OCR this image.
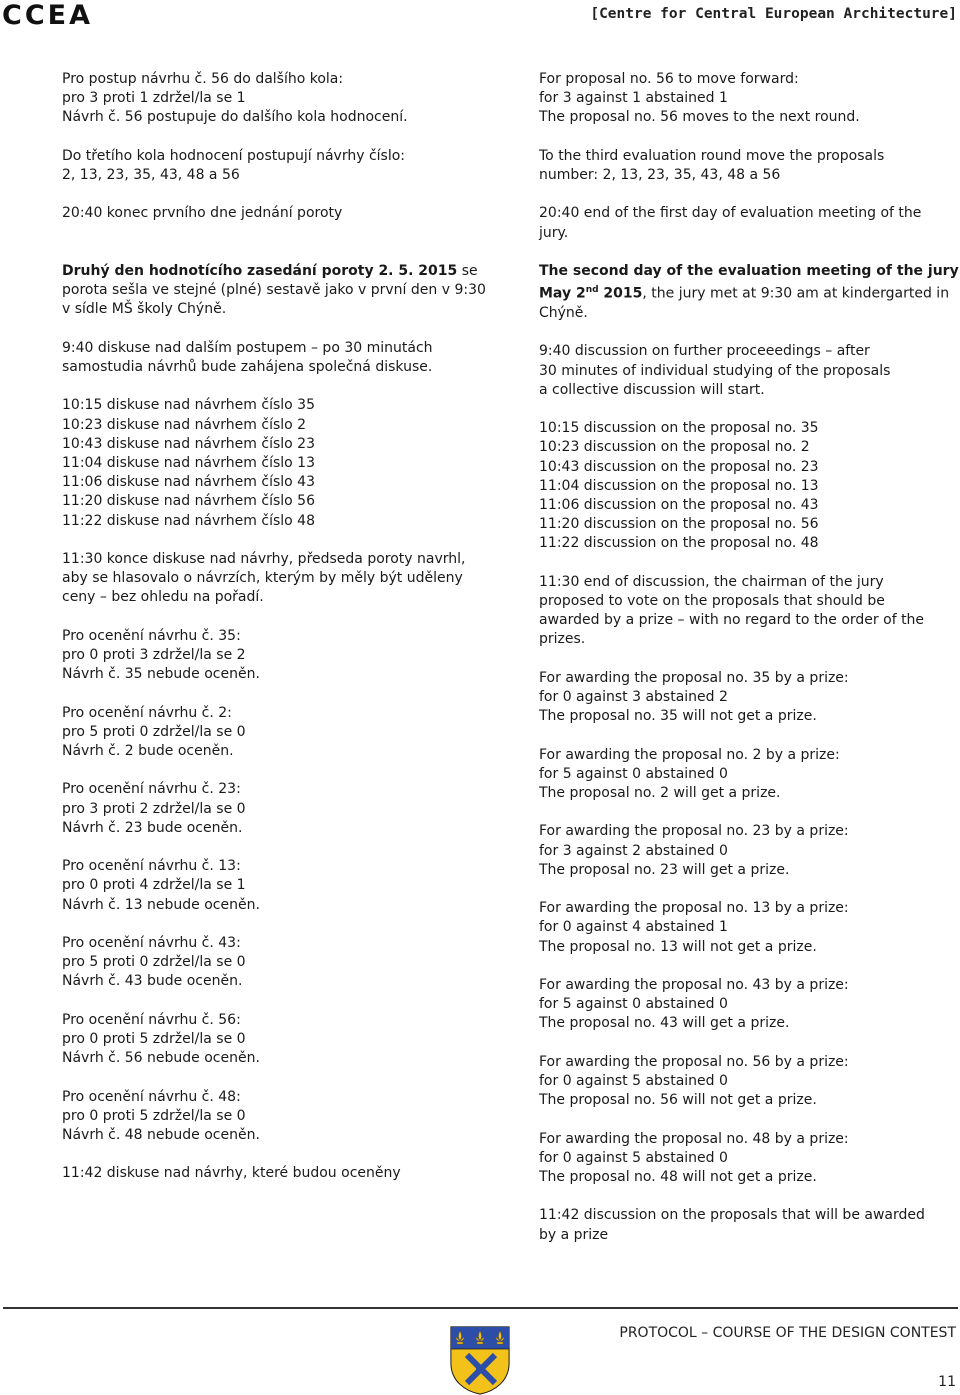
CCEA	[Centre for Central European Architecture]

Pro postup návrhu č. 56 do dalšího kola:
pro 3 proti 1 zdržel/la se 1
Návrh č. 56 postupuje do dalšího kola hodnocení.

Do třetího kola hodnocení postupují návrhy číslo:
2, 13, 23, 35, 43, 48 a 56

20:40 konec prvního dne jednání poroty

Druhý den hodnotícího zasedání poroty 2. 5. 2015 se porota sešla ve stejné (plné) sestavě jako v první den v 9:30 v sídle MŠ školy Chýně.

9:40 diskuse nad dalším postupem – po 30 minutách
samostudia návrhů bude zahájena společná diskuse.

10:15 diskuse nad návrhem číslo 35
10:23 diskuse nad návrhem číslo 2
10:43 diskuse nad návrhem číslo 23
11:04 diskuse nad návrhem číslo 13
11:06 diskuse nad návrhem číslo 43
11:20 diskuse nad návrhem číslo 56
11:22 diskuse nad návrhem číslo 48

11:30 konce diskuse nad návrhy, předseda poroty navrhl,
aby se hlasovalo o návrzích, kterým by měly být uděleny
ceny – bez ohledu na pořadí.

Pro ocenění návrhu č. 35:
pro 0 proti 3 zdržel/la se 2
Návrh č. 35 nebude oceněn.

Pro ocenění návrhu č. 2:
pro 5 proti 0 zdržel/la se 0
Návrh č. 2 bude oceněn.

Pro ocenění návrhu č. 23:
pro 3 proti 2 zdržel/la se 0
Návrh č. 23 bude oceněn.

Pro ocenění návrhu č. 13:
pro 0 proti 4 zdržel/la se 1
Návrh č. 13 nebude oceněn.

Pro ocenění návrhu č. 43:
pro 5 proti 0 zdržel/la se 0
Návrh č. 43 bude oceněn.

Pro ocenění návrhu č. 56:
pro 0 proti 5 zdržel/la se 0
Návrh č. 56 nebude oceněn.

Pro ocenění návrhu č. 48:
pro 0 proti 5 zdržel/la se 0
Návrh č. 48 nebude oceněn.

11:42 diskuse nad návrhy, které budou oceněny

For proposal no. 56 to move forward:
for 3 against 1 abstained 1
The proposal no. 56 moves to the next round.

To the third evaluation round move the proposals
number: 2, 13, 23, 35, 43, 48 a 56

20:40 end of the first day of evaluation meeting of the
jury.

The second day of the evaluation meeting of the jury
May 2nd 2015, the jury met at 9:30 am at kindergarted in Chýně.

9:40 discussion on further proceeedings – after
30 minutes of individual studying of the proposals
a collective discussion will start.

10:15 discussion on the proposal no. 35
10:23 discussion on the proposal no. 2
10:43 discussion on the proposal no. 23
11:04 discussion on the proposal no. 13
11:06 discussion on the proposal no. 43
11:20 discussion on the proposal no. 56
11:22 discussion on the proposal no. 48

11:30 end of discussion, the chairman of the jury
proposed to vote on the proposals that should be
awarded by a prize – with no regard to the order of the
prizes.

For awarding the proposal no. 35 by a prize:
for 0 against 3 abstained 2
The proposal no. 35 will not get a prize.

For awarding the proposal no. 2 by a prize:
for 5 against 0 abstained 0
The proposal no. 2 will get a prize.

For awarding the proposal no. 23 by a prize:
for 3 against 2 abstained 0
The proposal no. 23 will get a prize.

For awarding the proposal no. 13 by a prize:
for 0 against 4 abstained 1
The proposal no. 13 will not get a prize.

For awarding the proposal no. 43 by a prize:
for 5 against 0 abstained 0
The proposal no. 43 will get a prize.

For awarding the proposal no. 56 by a prize:
for 0 against 5 abstained 0
The proposal no. 56 will not get a prize.

For awarding the proposal no. 48 by a prize:
for 0 against 5 abstained 0
The proposal no. 48 will not get a prize.

11:42 discussion on the proposals that will be awarded
by a prize

PROTOCOL – COURSE OF THE DESIGN CONTEST
11
